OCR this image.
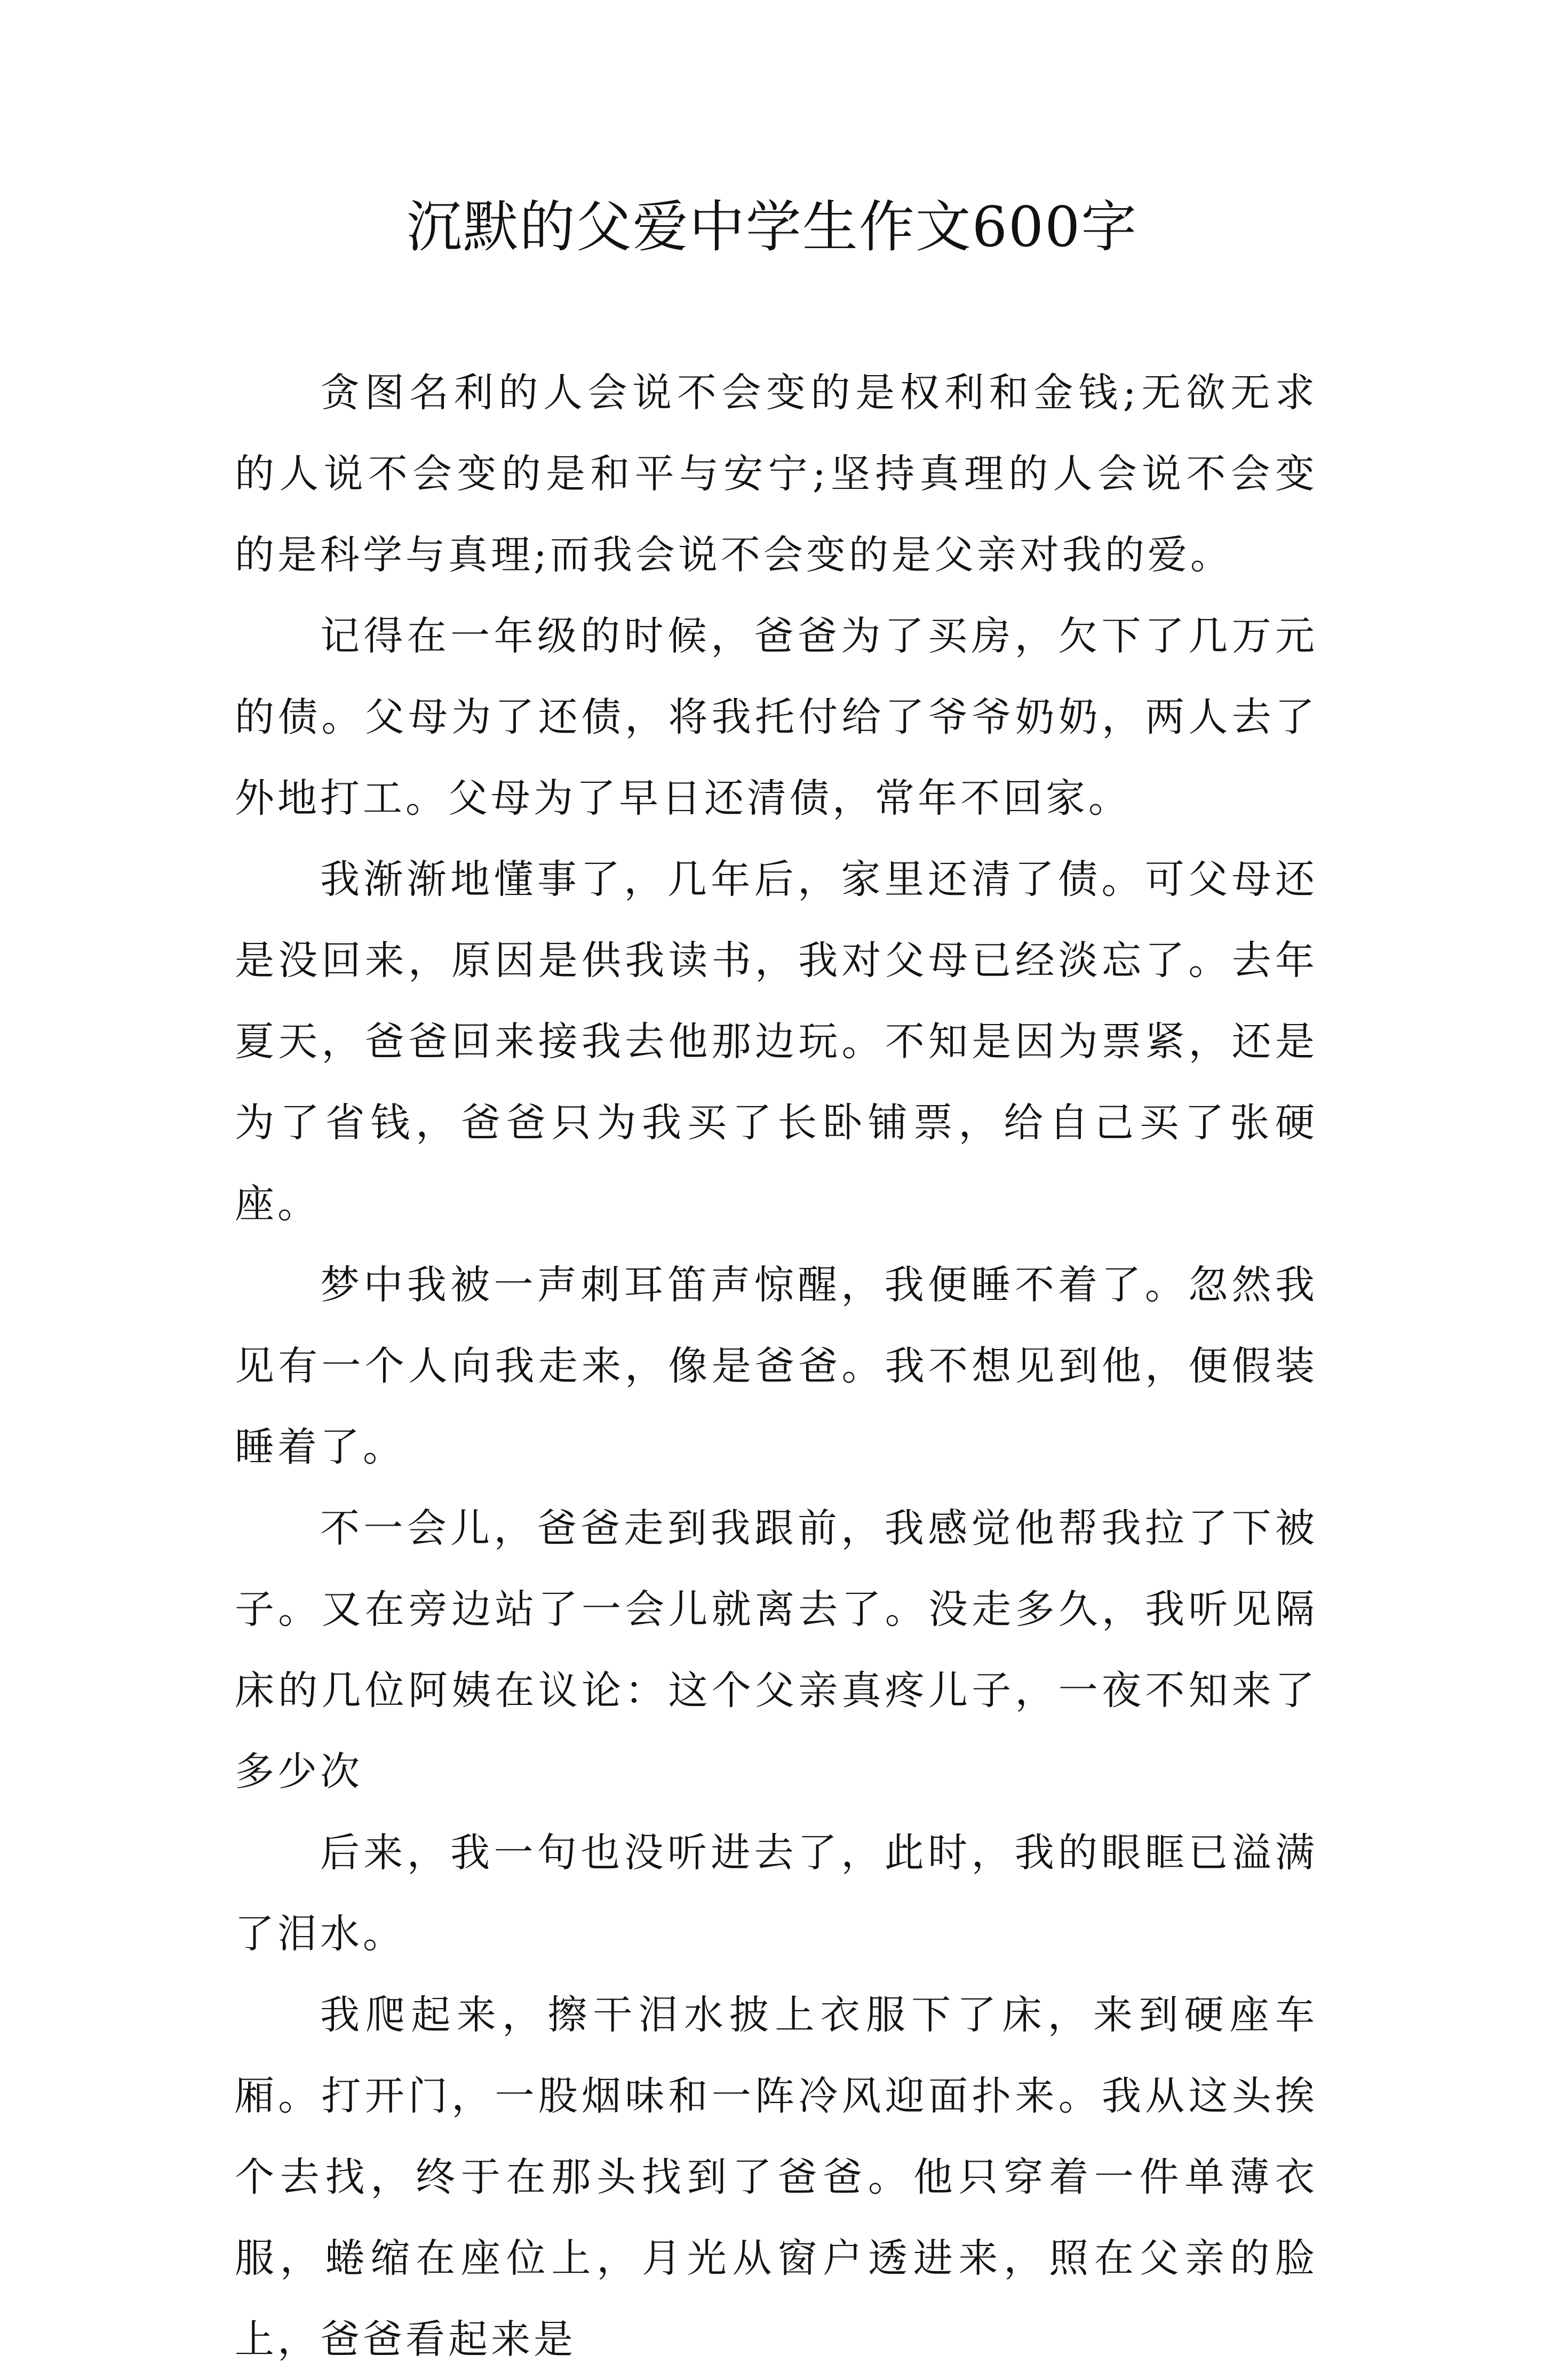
沉默的父爱中学生作文600字

贪图名利的人会说不会变的是权利和金钱;无欲无求的人说不会变的是和平与安宁;坚持真理的人会说不会变的是科学与真理;而我会说不会变的是父亲对我的爱。

记得在一年级的时候，爸爸为了买房，欠下了几万元的债。父母为了还债，将我托付给了爷爷奶奶，两人去了外地打工。父母为了早日还清债，常年不回家。

我渐渐地懂事了，几年后，家里还清了债。可父母还是没回来，原因是供我读书，我对父母已经淡忘了。去年夏天，爸爸回来接我去他那边玩。不知是因为票紧，还是为了省钱，爸爸只为我买了长卧铺票，给自己买了张硬座。

梦中我被一声刺耳笛声惊醒，我便睡不着了。忽然我见有一个人向我走来，像是爸爸。我不想见到他，便假装睡着了。

不一会儿，爸爸走到我跟前，我感觉他帮我拉了下被子。又在旁边站了一会儿就离去了。没走多久，我听见隔床的几位阿姨在议论：这个父亲真疼儿子，一夜不知来了多少次

后来，我一句也没听进去了，此时，我的眼眶已溢满了泪水。

我爬起来，擦干泪水披上衣服下了床，来到硬座车厢。打开门，一股烟味和一阵冷风迎面扑来。我从这头挨个去找，终于在那头找到了爸爸。他只穿着一件单薄衣服，蜷缩在座位上，月光从窗户透进来，照在父亲的脸上，爸爸看起来是
